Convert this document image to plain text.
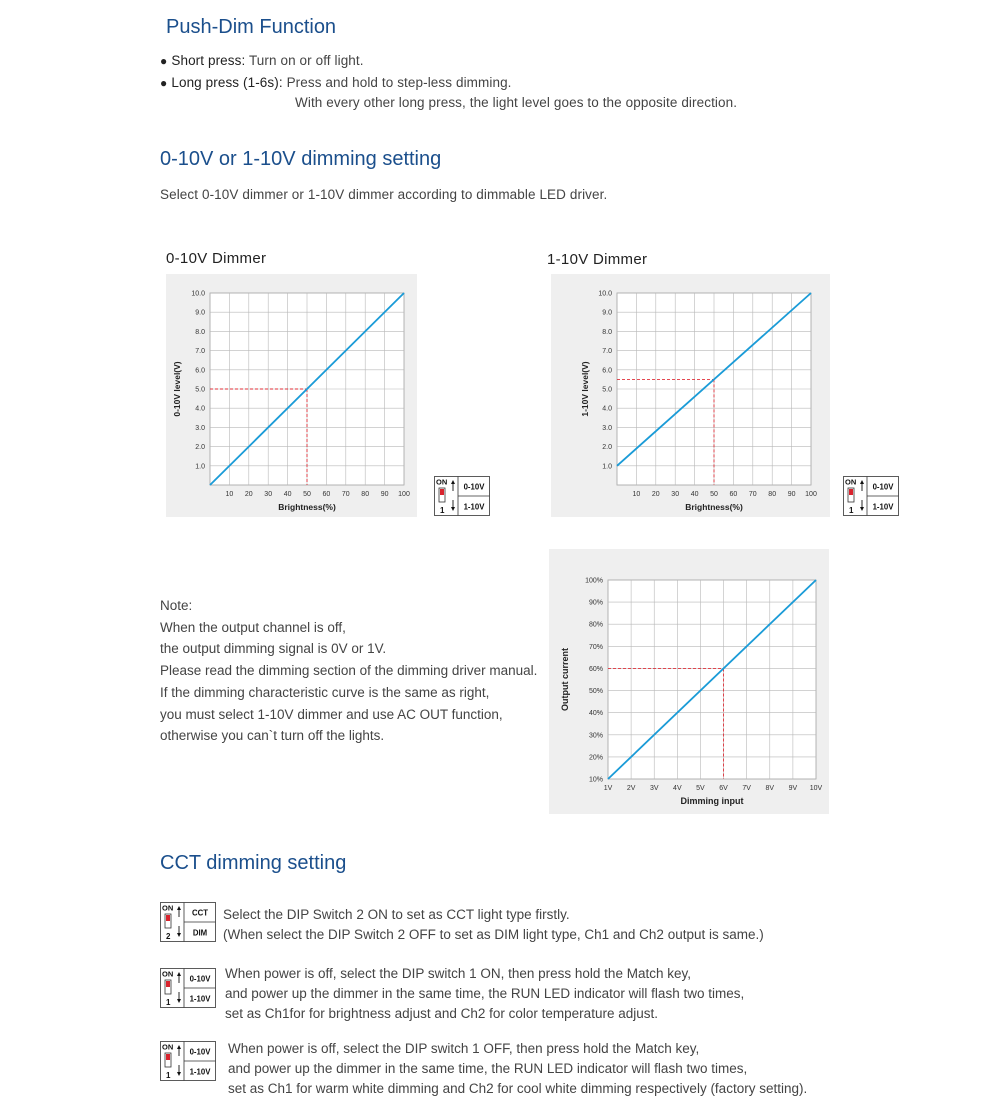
Push-Dim Function
● Short press: Turn on or off light.
● Long press (1-6s): Press and hold to step-less dimming.
With every other long press, the light level goes to the opposite direction.
0-10V or 1-10V dimming setting
Select 0-10V dimmer or 1-10V dimmer according to dimmable LED driver.
0-10V Dimmer	1-10V Dimmer
10 20 30 40 50 60 70 80 90 100
1.0
2.0
3.0
4.0
5.0
6.0
7.0
8.0
9.0
10.0
Brightness(%)
0-10V level(V)
10 20 30 40 50 60 70 80 90 100
1.0
2.0
3.0
4.0
5.0
6.0
7.0
8.0
9.0
10.0
Brightness(%)
1-10V level(V)
1V 2V 3V 4V 5V 6V 7V 8V 9V 10V
10%
20%
30%
40%
50%
60%
70%
80%
90%
100%
Dimming input
Output current
ON
1
0-10V
1-10V
ON
1
0-10V
1-10V
Note:
When the output channel is off,
the output dimming signal is 0V or 1V.
Please read the dimming section of the dimming driver manual.
If the dimming characteristic curve is the same as right,
you must select 1-10V dimmer and use AC OUT function,
otherwise you can`t turn off the lights.
CCT dimming setting
ON
2
CCT
DIM
Select the DIP Switch 2 ON to set as CCT light type firstly.
(When select the DIP Switch 2 OFF to set as DIM light type, Ch1 and Ch2 output is same.)
ON
1
0-10V
1-10V
When power is off, select the DIP switch 1 ON, then press hold the Match key,
and power up the dimmer in the same time, the RUN LED indicator will flash two times,
set as Ch1for for brightness adjust and Ch2 for color temperature adjust.
ON
1
0-10V
1-10V
When power is off, select the DIP switch 1 OFF, then press hold the Match key,
and power up the dimmer in the same time, the RUN LED indicator will flash two times,
set as Ch1 for warm white dimming and Ch2 for cool white dimming respectively (factory setting).
